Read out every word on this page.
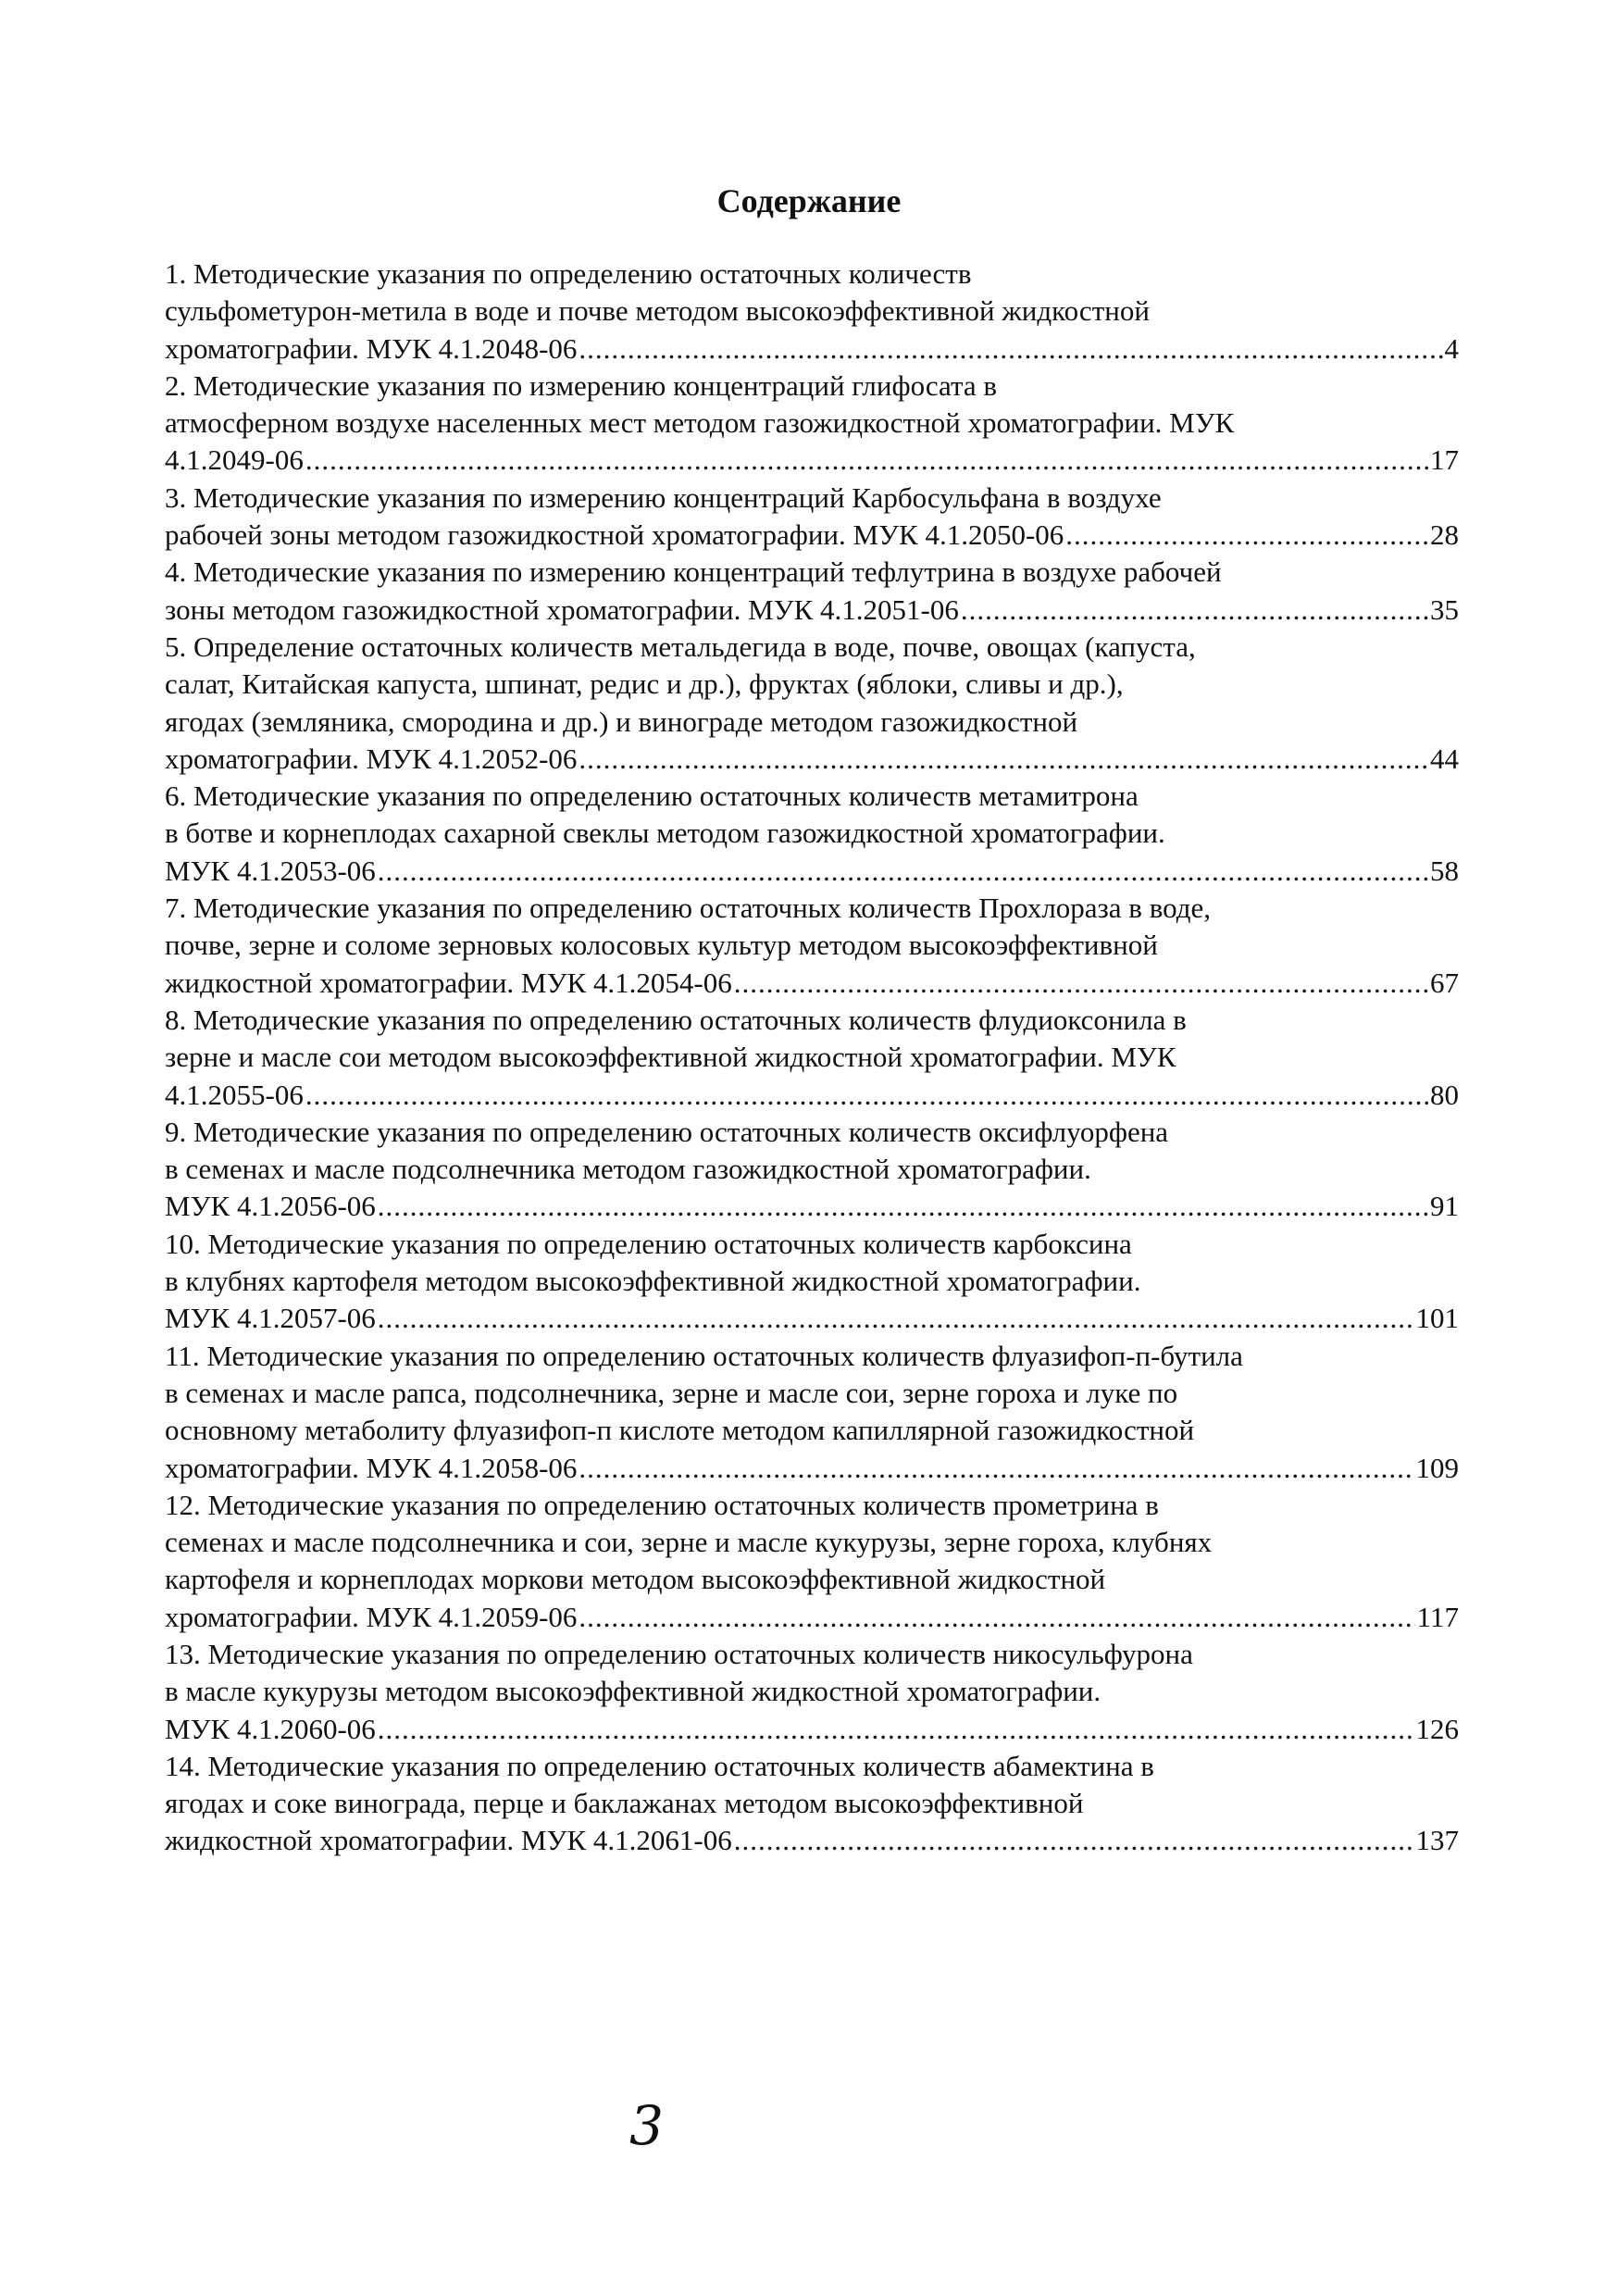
Содержание
1. Методические указания по определению остаточных количеств
сульфометурон-метила в воде и почве методом высокоэффективной жидкостной
хроматографии. МУК 4.1.2048-06 .....	4
2. Методические указания по измерению концентраций глифосата в
атмосферном воздухе населенных мест методом газожидкостной хроматографии. МУК
4.1.2049-06 .....	17
3. Методические указания по измерению концентраций Карбосульфана в воздухе
рабочей зоны методом газожидкостной хроматографии. МУК 4.1.2050-06 .....	28
4. Методические указания по измерению концентраций тефлутрина в воздухе рабочей
зоны методом газожидкостной хроматографии. МУК 4.1.2051-06 .....	35
5. Определение остаточных количеств метальдегида в воде, почве, овощах (капуста,
салат, Китайская капуста, шпинат, редис и др.), фруктах (яблоки, сливы и др.),
ягодах (земляника, смородина и др.) и винограде методом газожидкостной
хроматографии. МУК 4.1.2052-06 .....	44
6. Методические указания по определению остаточных количеств метамитрона
в ботве и корнеплодах сахарной свеклы методом газожидкостной хроматографии.
МУК 4.1.2053-06 .....	58
7. Методические указания по определению остаточных количеств Прохлораза в воде,
почве, зерне и соломе зерновых колосовых культур методом высокоэффективной
жидкостной хроматографии. МУК 4.1.2054-06 .....	67
8. Методические указания по определению остаточных количеств флудиоксонила в
зерне и масле сои методом высокоэффективной жидкостной хроматографии. МУК
4.1.2055-06 .....	80
9. Методические указания по определению остаточных количеств оксифлуорфена
в семенах и масле подсолнечника методом газожидкостной хроматографии.
МУК 4.1.2056-06 .....	91
10. Методические указания по определению остаточных количеств карбоксина
в клубнях картофеля методом высокоэффективной жидкостной хроматографии.
МУК 4.1.2057-06 .....	101
11. Методические указания по определению остаточных количеств флуазифоп-п-бутила
в семенах и масле рапса, подсолнечника, зерне и масле сои, зерне гороха и луке по
основному метаболиту флуазифоп-п кислоте методом капиллярной газожидкостной
хроматографии. МУК 4.1.2058-06 .....	109
12. Методические указания по определению остаточных количеств прометрина в
семенах и масле подсолнечника и сои, зерне и масле кукурузы, зерне гороха, клубнях
картофеля и корнеплодах моркови методом высокоэффективной жидкостной
хроматографии. МУК 4.1.2059-06 .....	117
13. Методические указания по определению остаточных количеств никосульфурона
в масле кукурузы методом высокоэффективной жидкостной хроматографии.
МУК 4.1.2060-06 .....	126
14. Методические указания по определению остаточных количеств абамектина в
ягодах и соке винограда, перце и баклажанах методом высокоэффективной
жидкостной хроматографии. МУК 4.1.2061-06 .....	137
3
